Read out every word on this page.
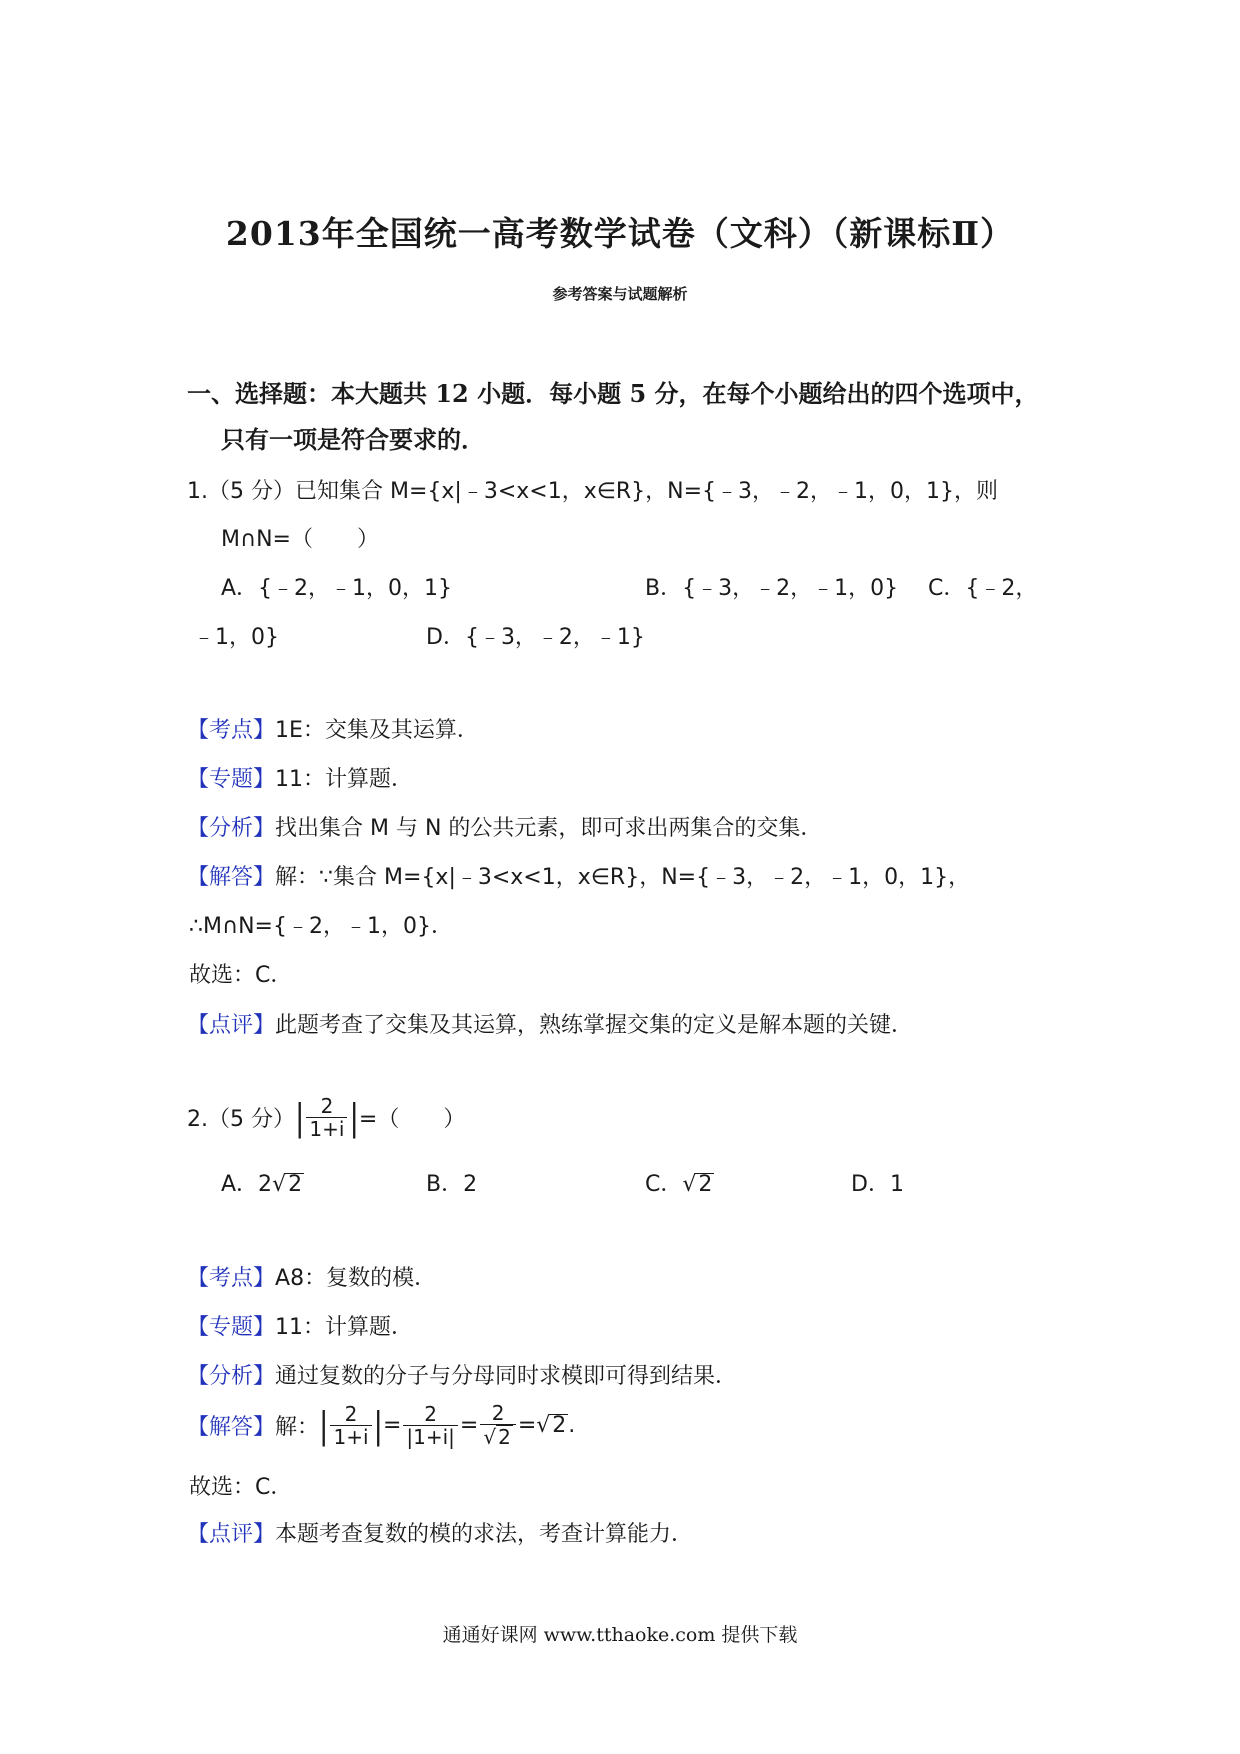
2013年全国统一高考数学试卷（文科）（新课标Ⅱ）
参考答案与试题解析
一、选择题：本大题共 12 小题．每小题 5 分，在每个小题给出的四个选项中，
只有一项是符合要求的．
1.（5 分）已知集合 M={x|﹣3<x<1，x∈R}，N={﹣3，﹣2，﹣1，0，1}，则
M∩N=（　　）
A．{﹣2，﹣1，0，1}	B．{﹣3，﹣2，﹣1，0} C．{﹣2，
﹣1，0}	D．{﹣3，﹣2，﹣1}
【考点】1E：交集及其运算．
【专题】11：计算题．
【分析】找出集合 M 与 N 的公共元素，即可求出两集合的交集．
【解答】解：∵集合 M={x|﹣3<x<1，x∈R}，N={﹣3，﹣2，﹣1，0，1}，
∴M∩N={﹣2，﹣1，0}．
故选：C．
【点评】此题考查了交集及其运算，熟练掌握交集的定义是解本题的关键．
2.（5 分） | $\frac{2}{1+i}$ | =（　　）
A．2√2	B．2	C．√2	D．1
【考点】A8：复数的模．
【专题】11：计算题．
【分析】通过复数的分子与分母同时求模即可得到结果．
【解答】 解： | $\frac{2}{1+i}$ | = $\frac{2}{|1+i|} = \frac{2}{√ 2} = √2$.
故选：C．
【点评】本题考查复数的模的求法，考查计算能力．
通通好课网 www.tthaoke.com 提供下载
